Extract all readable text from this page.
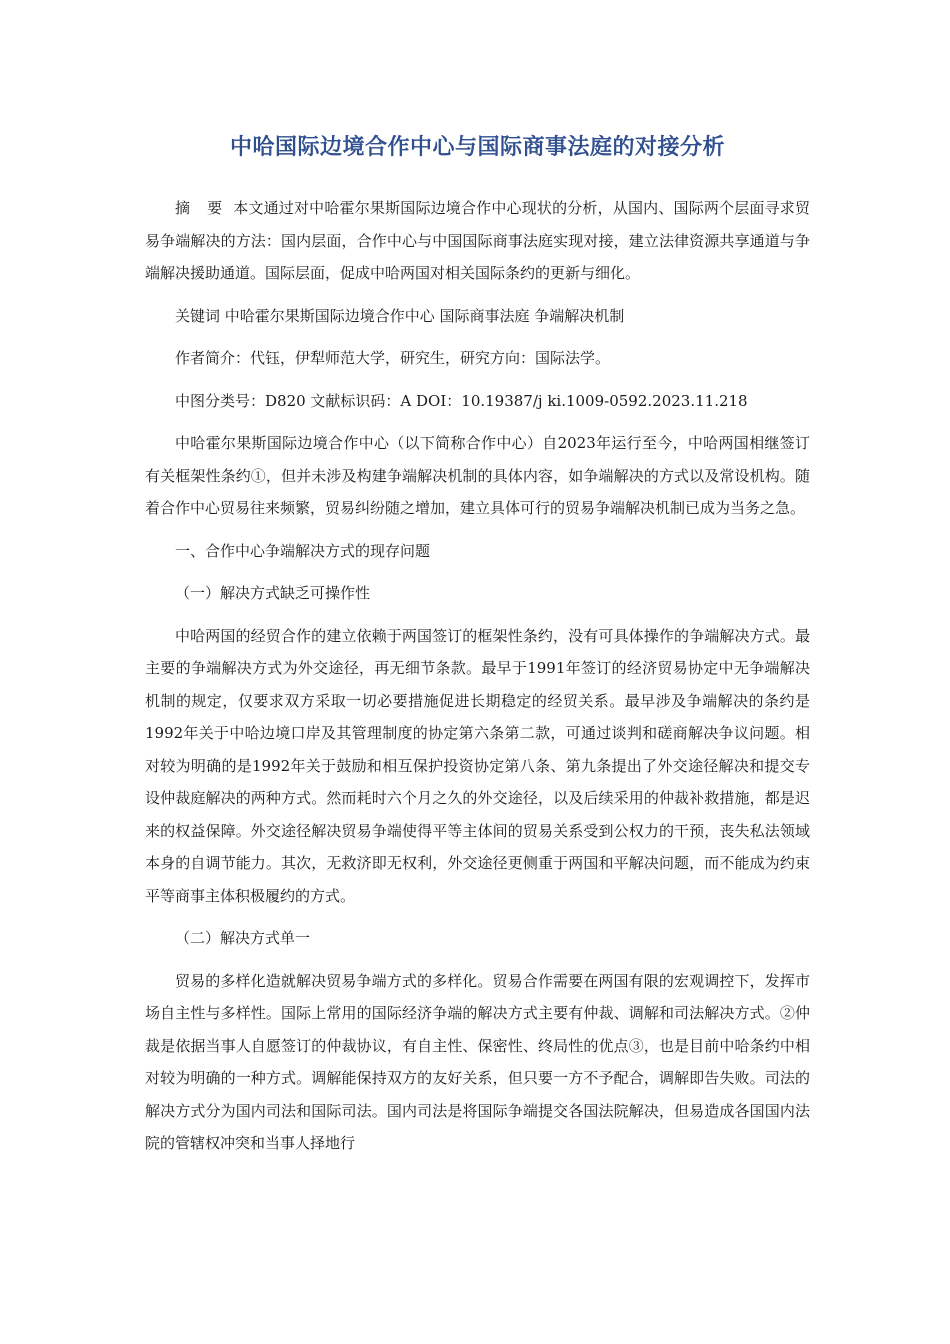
中哈国际边境合作中心与国际商事法庭的对接分析

摘 要 本文通过对中哈霍尔果斯国际边境合作中心现状的分析，从国内、国际两个层面寻求贸易争端解决的方法：国内层面，合作中心与中国国际商事法庭实现对接，建立法律资源共享通道与争端解决援助通道。国际层面，促成中哈两国对相关国际条约的更新与细化。

关键词 中哈霍尔果斯国际边境合作中心 国际商事法庭 争端解决机制

作者简介：代钰，伊犁师范大学，研究生，研究方向：国际法学。

中图分类号：D820 文献标识码：A DOI：10.19387/j ki.1009-0592.2023.11.218

中哈霍尔果斯国际边境合作中心（以下简称合作中心）自2023年运行至今，中哈两国相继签订有关框架性条约①，但并未涉及构建争端解决机制的具体内容，如争端解决的方式以及常设机构。随着合作中心贸易往来频繁，贸易纠纷随之增加，建立具体可行的贸易争端解决机制已成为当务之急。

一、合作中心争端解决方式的现存问题

（一）解决方式缺乏可操作性

中哈两国的经贸合作的建立依赖于两国签订的框架性条约，没有可具体操作的争端解决方式。最主要的争端解决方式为外交途径，再无细节条款。最早于1991年签订的经济贸易协定中无争端解决机制的规定，仅要求双方采取一切必要措施促进长期稳定的经贸关系。最早涉及争端解决的条约是1992年关于中哈边境口岸及其管理制度的协定第六条第二款，可通过谈判和磋商解决争议问题。相对较为明确的是1992年关于鼓励和相互保护投资协定第八条、第九条提出了外交途径解决和提交专设仲裁庭解决的两种方式。然而耗时六个月之久的外交途径，以及后续采用的仲裁补救措施，都是迟来的权益保障。外交途径解决贸易争端使得平等主体间的贸易关系受到公权力的干预，丧失私法领域本身的自调节能力。其次，无救济即无权利，外交途径更侧重于两国和平解决问题，而不能成为约束平等商事主体积极履约的方式。

（二）解决方式单一

贸易的多样化造就解决贸易争端方式的多样化。贸易合作需要在两国有限的宏观调控下，发挥市场自主性与多样性。国际上常用的国际经济争端的解决方式主要有仲裁、调解和司法解决方式。②仲裁是依据当事人自愿签订的仲裁协议，有自主性、保密性、终局性的优点③，也是目前中哈条约中相对较为明确的一种方式。调解能保持双方的友好关系，但只要一方不予配合，调解即告失败。司法的解决方式分为国内司法和国际司法。国内司法是将国际争端提交各国法院解决，但易造成各国国内法院的管辖权冲突和当事人择地行
